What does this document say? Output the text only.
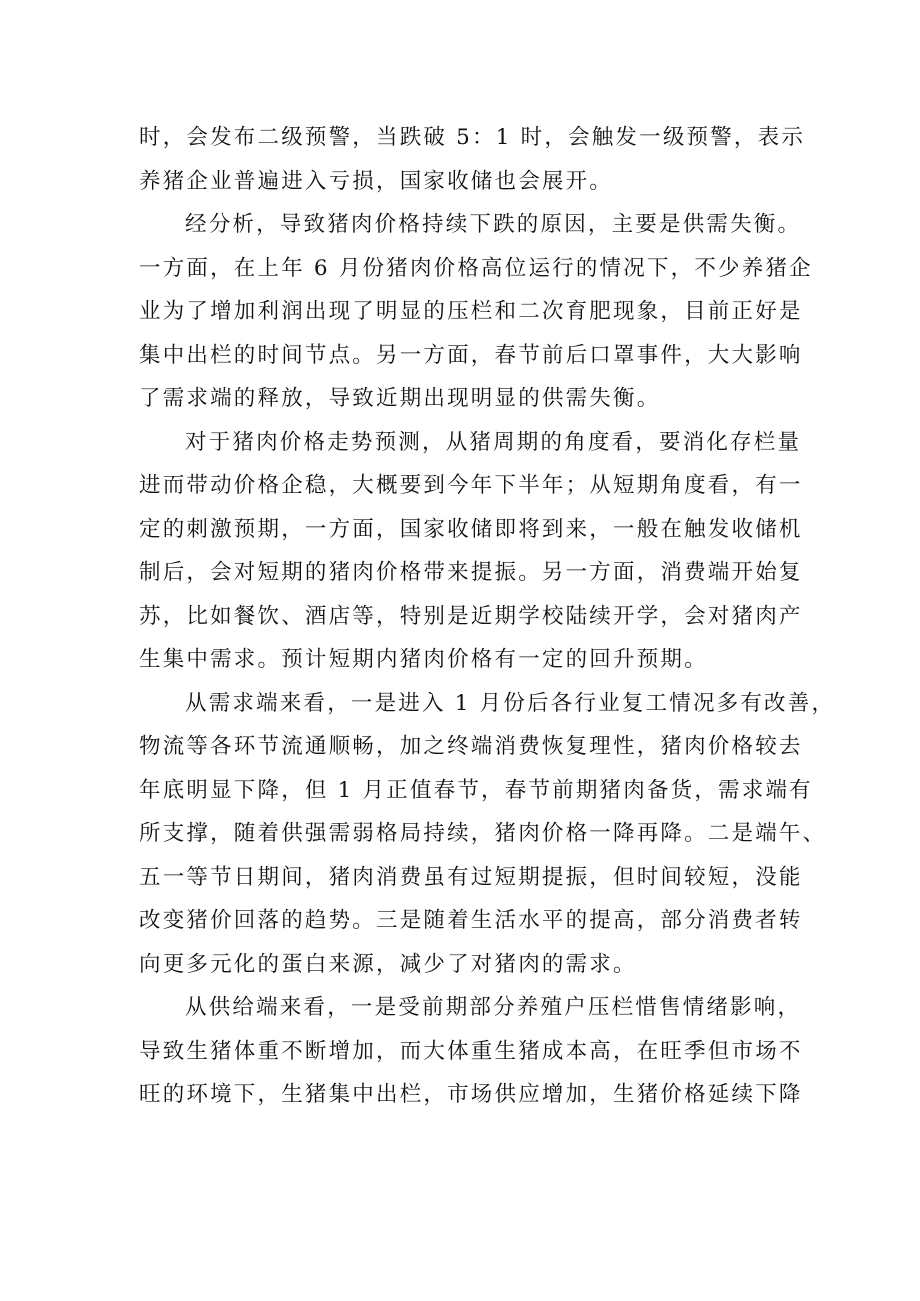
时，会发布二级预警，当跌破 5：1 时，会触发一级预警，表示
养猪企业普遍进入亏损，国家收储也会展开。
经分析，导致猪肉价格持续下跌的原因，主要是供需失衡。
一方面，在上年 6 月份猪肉价格高位运行的情况下，不少养猪企
业为了增加利润出现了明显的压栏和二次育肥现象，目前正好是
集中出栏的时间节点。另一方面，春节前后口罩事件，大大影响
了需求端的释放，导致近期出现明显的供需失衡。
对于猪肉价格走势预测，从猪周期的角度看，要消化存栏量
进而带动价格企稳，大概要到今年下半年；从短期角度看，有一
定的刺激预期，一方面，国家收储即将到来，一般在触发收储机
制后，会对短期的猪肉价格带来提振。另一方面，消费端开始复
苏，比如餐饮、酒店等，特别是近期学校陆续开学，会对猪肉产
生集中需求。预计短期内猪肉价格有一定的回升预期。
从需求端来看，一是进入 1 月份后各行业复工情况多有改善，
物流等各环节流通顺畅，加之终端消费恢复理性，猪肉价格较去
年底明显下降，但 1 月正值春节，春节前期猪肉备货，需求端有
所支撑，随着供强需弱格局持续，猪肉价格一降再降。二是端午、
五一等节日期间，猪肉消费虽有过短期提振，但时间较短，没能
改变猪价回落的趋势。三是随着生活水平的提高，部分消费者转
向更多元化的蛋白来源，减少了对猪肉的需求。
从供给端来看，一是受前期部分养殖户压栏惜售情绪影响，
导致生猪体重不断增加，而大体重生猪成本高，在旺季但市场不
旺的环境下，生猪集中出栏，市场供应增加，生猪价格延续下降
